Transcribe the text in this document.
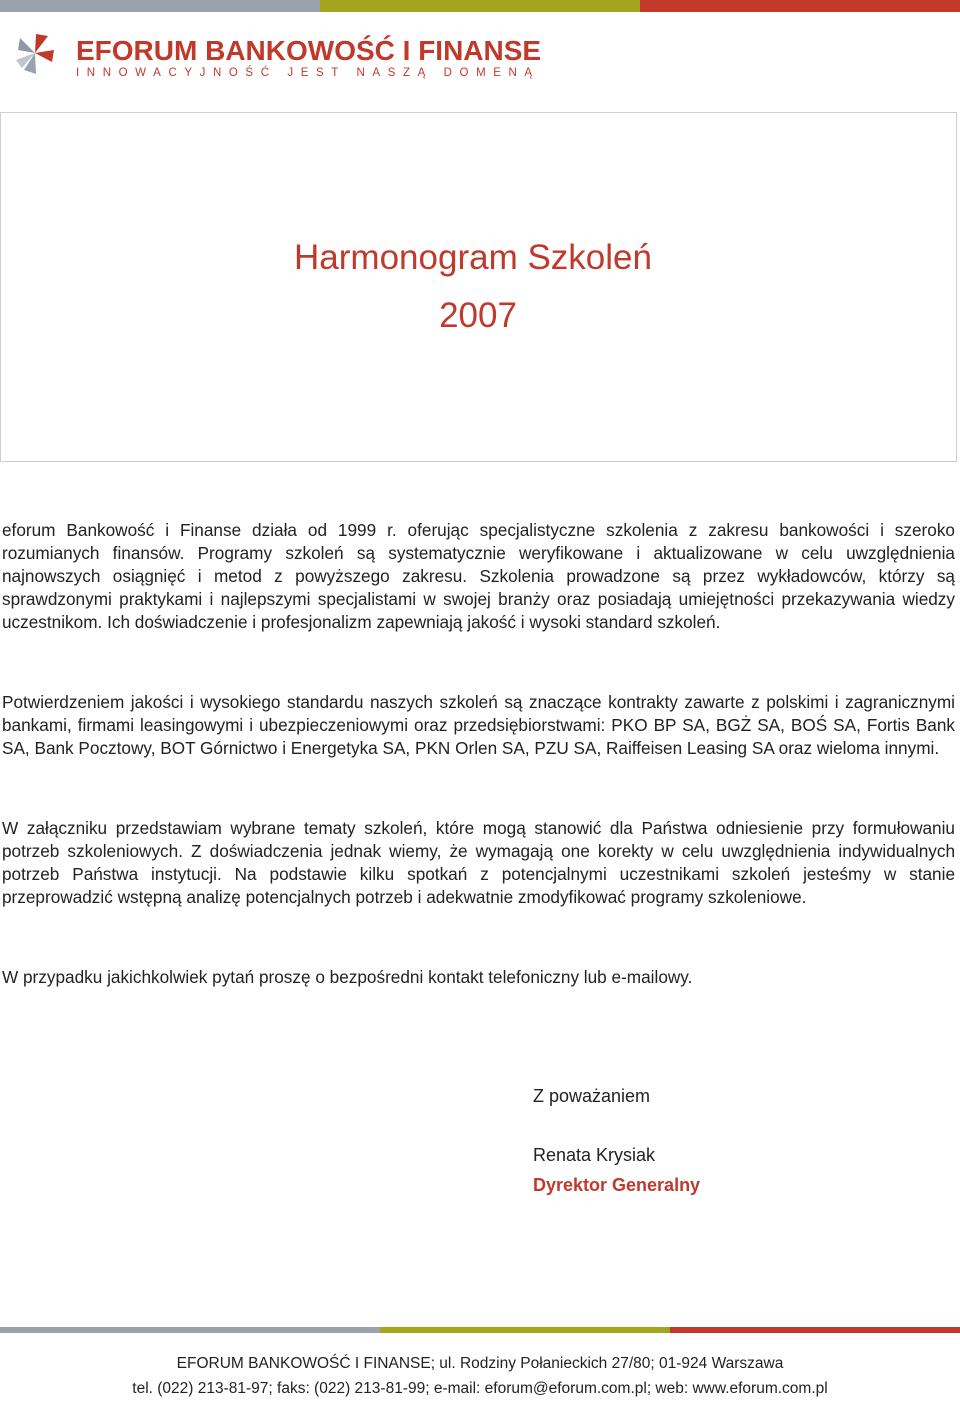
EFORUM BANKOWOŚĆ I FINANSE
INNOWACYJNOŚĆ JEST NASZĄ DOMENĄ
Harmonogram Szkoleń
2007
eforum Bankowość i Finanse działa od 1999 r. oferując specjalistyczne szkolenia z zakresu bankowości i szeroko rozumianych finansów. Programy szkoleń są systematycznie weryfikowane i aktualizowane w celu uwzględnienia najnowszych osiągnięć i metod z powyższego zakresu. Szkolenia prowadzone są przez wykładowców, którzy są sprawdzonymi praktykami i najlepszymi specjalistami w swojej branży oraz posiadają umiejętności przekazywania wiedzy uczestnikom. Ich doświadczenie i profesjonalizm zapewniają jakość i wysoki standard szkoleń.
Potwierdzeniem jakości i wysokiego standardu naszych szkoleń są znaczące kontrakty zawarte z polskimi i zagranicznymi bankami, firmami leasingowymi i ubezpieczeniowymi oraz przedsiębiorstwami: PKO BP SA, BGŻ SA, BOŚ SA, Fortis Bank SA, Bank Pocztowy, BOT Górnictwo i Energetyka SA, PKN Orlen SA, PZU SA, Raiffeisen Leasing SA oraz wieloma innymi.
W załączniku przedstawiam wybrane tematy szkoleń, które mogą stanowić dla Państwa odniesienie przy formułowaniu potrzeb szkoleniowych. Z doświadczenia jednak wiemy, że wymagają one korekty w celu uwzględnienia indywidualnych potrzeb Państwa instytucji. Na podstawie kilku spotkań z potencjalnymi uczestnikami szkoleń jesteśmy w stanie przeprowadzić wstępną analizę potencjalnych potrzeb i adekwatnie zmodyfikować programy szkoleniowe.
W przypadku jakichkolwiek pytań proszę o bezpośredni kontakt telefoniczny lub e-mailowy.
Z poważaniem
Renata Krysiak
Dyrektor Generalny
EFORUM BANKOWOŚĆ I FINANSE; ul. Rodziny Połanieckich 27/80; 01-924 Warszawa
tel. (022) 213-81-97; faks: (022) 213-81-99; e-mail: eforum@eforum.com.pl; web: www.eforum.com.pl
